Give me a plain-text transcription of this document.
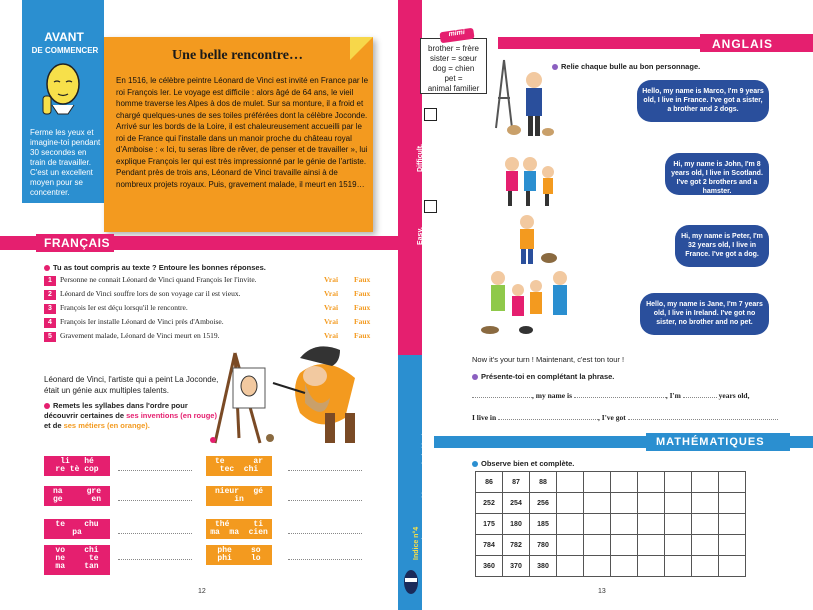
AVANT
DE COMMENCER
Ferme les yeux et imagine-toi pendant 30 secondes en train de travailler. C'est un excellent moyen pour se concentrer.
Une belle rencontre…
En 1516, le célèbre peintre Léonard de Vinci est invité en France par le roi François Ier. Le voyage est difficile : alors âgé de 64 ans, le vieil homme traverse les Alpes à dos de mulet. Sur sa monture, il a froid et chargé quelques-unes de ses toiles préférées dont la célèbre Joconde. Arrivé sur les bords de la Loire, il est chaleureusement accueilli par le roi de France qui l'installe dans un manoir proche du château royal d'Amboise : « Ici, tu seras libre de rêver, de penser et de travailler », lui explique François Ier qui est très impressionné par le génie de l'artiste. Pendant près de trois ans, Léonard de Vinci travaille ainsi à de nombreux projets royaux. Puis, gravement malade, il meurt en 1519…
FRANÇAIS
Tu as tout compris au texte ? Entoure les bonnes réponses.
1 Personne ne connait Léonard de Vinci quand François Ier l'invite.	Vrai Faux
2 Léonard de Vinci souffre lors de son voyage car il est vieux.	Vrai Faux
3 François Ier est déçu lorsqu'il le rencontre.	Vrai Faux
4 François Ier installe Léonard de Vinci près d'Amboise.	Vrai Faux
5 Gravement malade, Léonard de Vinci meurt en 1519.	Vrai Faux
Léonard de Vinci, l'artiste qui a peint La Joconde, était un génie aux multiples talents.
Remets les syllabes dans l'ordre pour découvrir certaines de ses inventions (en rouge) et de ses métiers (en orange).
li   hé
re tè cop
na     gre
ge      en
te    chu
pa
vo    chi
ne     te
ma    tan
te      ar
tec  chi
nieur   gé
in
thé     ti
ma  ma  cien
phe    so
phi    lo
12
Difficult, I don't like it.
Easy, I like it.
Pour toi, l'anglais c'est :
Indice n°4 Les voleurs se sont bien amusés à dévaler les pistes de ski, près de l'Italie !
brother = frère
sister = sœur
dog = chien
pet =
animal familier
mimi
ANGLAIS
Relie chaque bulle au bon personnage.
Hello, my name is Marco, I'm 9 years old, I live in France. I've got a sister, a brother and 2 dogs.
Hi, my name is John, I'm 8 years old, I live in Scotland. I've got 2 brothers and a hamster.
Hi, my name is Peter, I'm 32 years old, I live in France. I've got a dog.
Hello, my name is Jane, I'm 7 years old, I live in Ireland. I've got no sister, no brother and no pet.
Now it's your turn ! Maintenant, c'est ton tour !
Présente-toi en complétant la phrase.
, my name is	, I'm	years old,
I live in	, I've got
MATHÉMATIQUES
Observe bien et complète.
86	87	88							
252	254	256							
175	180	185							
784	782	780							
360	370	380							
13
